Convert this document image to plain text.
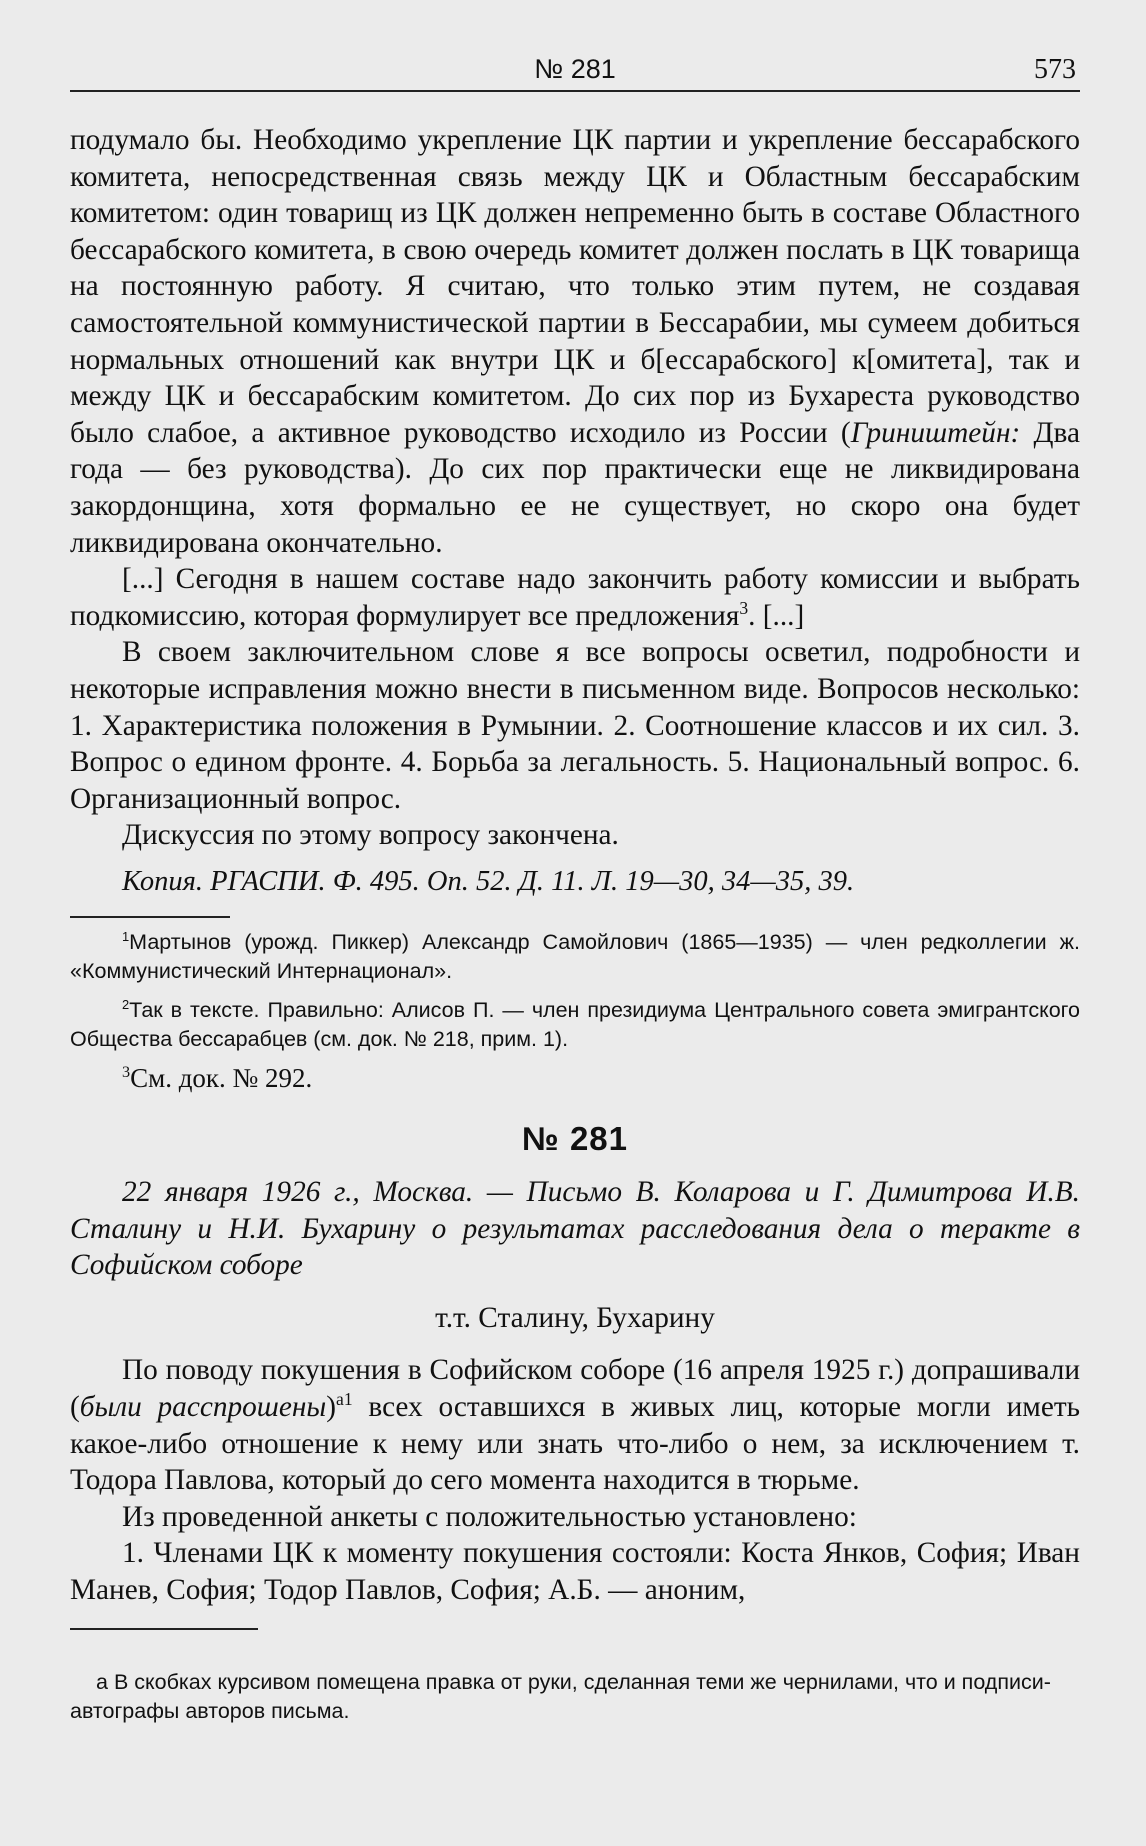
№ 281	573

подумало бы. Необходимо укрепление ЦК партии и укрепление бессарабского комитета, непосредственная связь между ЦК и Областным бессарабским комитетом: один товарищ из ЦК должен непременно быть в составе Областного бессарабского комитета, в свою очередь комитет должен послать в ЦК товарища на постоянную работу. Я считаю, что только этим путем, не создавая самостоятельной коммунистической партии в Бессарабии, мы сумеем добиться нормальных отношений как внутри ЦК и б[ессарабского] к[омитета], так и между ЦК и бессарабским комитетом. До сих пор из Бухареста руководство было слабое, а активное руководство исходило из России (Гриништейн: Два года — без руководства). До сих пор практически еще не ликвидирована закордонщина, хотя формально ее не существует, но скоро она будет ликвидирована окончательно.

[...] Сегодня в нашем составе надо закончить работу комиссии и выбрать подкомиссию, которая формулирует все предложения$^3$. [...]

В своем заключительном слове я все вопросы осветил, подробности и некоторые исправления можно внести в письменном виде. Вопросов несколько: 1. Характеристика положения в Румынии. 2. Соотношение классов и их сил. 3. Вопрос о едином фронте. 4. Борьба за легальность. 5. Национальный вопрос. 6. Организационный вопрос.

Дискуссия по этому вопросу закончена.

Копия. РГАСПИ. Ф. 495. Оп. 52. Д. 11. Л. 19—30, 34—35, 39.

$^1$Мартынов (урожд. Пиккер) Александр Самойлович (1865—1935) — член редколлегии ж. «Коммунистический Интернационал».

$^2$Так в тексте. Правильно: Алисов П. — член президиума Центрального совета эмигрантского Общества бессарабцев (см. док. № 218, прим. 1).

$^3$См. док. № 292.

№ 281

22 января 1926 г., Москва. — Письмо В. Коларова и Г. Димитрова И.В. Сталину и Н.И. Бухарину о результатах расследования дела о теракте в Софийском соборе

т.т. Сталину, Бухарину

По поводу покушения в Софийском соборе (16 апреля 1925 г.) допрашивали (были расспрошены)$^{a1}$ всех оставшихся в живых лиц, которые могли иметь какое-либо отношение к нему или знать что-либо о нем, за исключением т. Тодора Павлова, который до сего момента находится в тюрьме.

Из проведенной анкеты с положительностью установлено:

1. Членами ЦК к моменту покушения состояли: Коста Янков, София; Иван Манев, София; Тодор Павлов, София; А.Б. — аноним,

а В скобках курсивом помещена правка от руки, сделанная теми же чернилами, что и подписи-автографы авторов письма.
